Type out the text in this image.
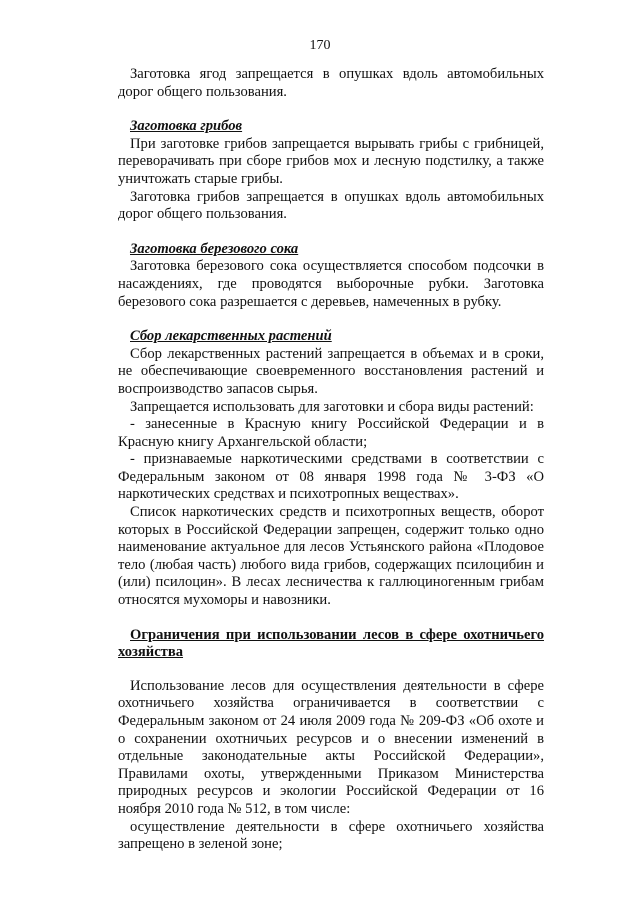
170

Заготовка ягод запрещается в опушках вдоль автомобильных дорог общего пользования.

Заготовка грибов

При заготовке грибов запрещается вырывать грибы с грибницей, переворачивать при сборе грибов мох и лесную подстилку, а также уничтожать старые грибы.

Заготовка грибов запрещается в опушках вдоль автомобильных дорог общего пользования.

Заготовка березового сока

Заготовка березового сока осуществляется способом подсочки в насаждениях, где проводятся выборочные рубки. Заготовка березового сока разрешается с деревьев, намеченных в рубку.

Сбор лекарственных растений

Сбор лекарственных растений запрещается в объемах и в сроки, не обеспечивающие своевременного восстановления растений и воспроизводство запасов сырья.

Запрещается использовать для заготовки и сбора виды растений:

- занесенные в Красную книгу Российской Федерации и в Красную книгу Архангельской области;

- признаваемые наркотическими средствами в соответствии с Федеральным законом от 08 января 1998 года № 3-ФЗ «О наркотических средствах и психотропных веществах».

Список наркотических средств и психотропных веществ, оборот которых в Российской Федерации запрещен, содержит только одно наименование актуальное для лесов Устьянского района «Плодовое тело (любая часть) любого вида грибов, содержащих псилоцибин и (или) псилоцин». В лесах лесничества к галлюциногенным грибам относятся мухоморы и навозники.

Ограничения при использовании лесов в сфере охотничьего хозяйства

Использование лесов для осуществления деятельности в сфере охотничьего хозяйства ограничивается в соответствии с Федеральным законом от 24 июля 2009 года № 209-ФЗ «Об охоте и о сохранении охотничьих ресурсов и о внесении изменений в отдельные законодательные акты Российской Федерации», Правилами охоты, утвержденными Приказом Министерства природных ресурсов и экологии Российской Федерации от 16 ноября 2010 года № 512, в том числе:

осуществление деятельности в сфере охотничьего хозяйства запрещено в зеленой зоне;
